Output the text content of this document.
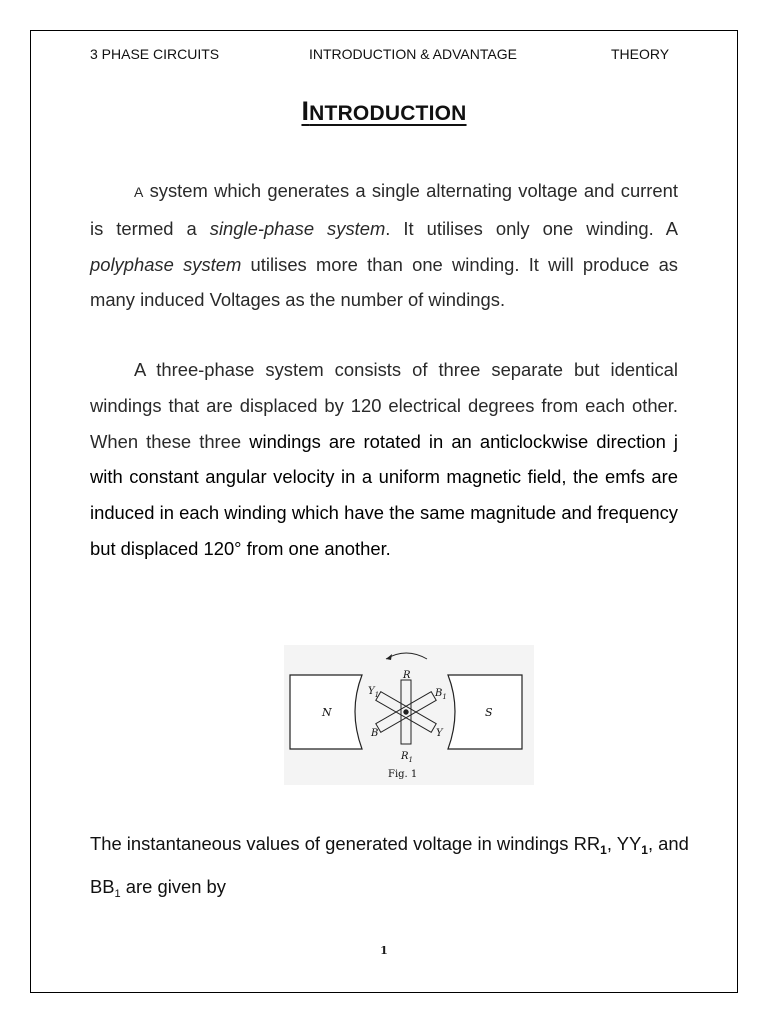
3 PHASE CIRCUITS	INTRODUCTION & ADVANTAGE	THEORY
INTRODUCTION
A system which generates a single alternating voltage and current is termed a single-phase system. It utilises only one winding. A polyphase system utilises more than one winding. It will produce as many induced Voltages as the number of windings.
A three-phase system consists of three separate but identical windings that are displaced by 120 electrical degrees from each other. When these three windings are rotated in an anticlockwise direction j with constant angular velocity in a uniform magnetic field, the emfs are induced in each winding which have the same magnitude and frequency but displaced 120° from one another.
N	S
R
$R_1$
$Y_1$	$B_1$
B	Y
Fig. 1
The instantaneous values of generated voltage in windings $RR_1$, $YY_1$, and $BB_1$ are given by
1
